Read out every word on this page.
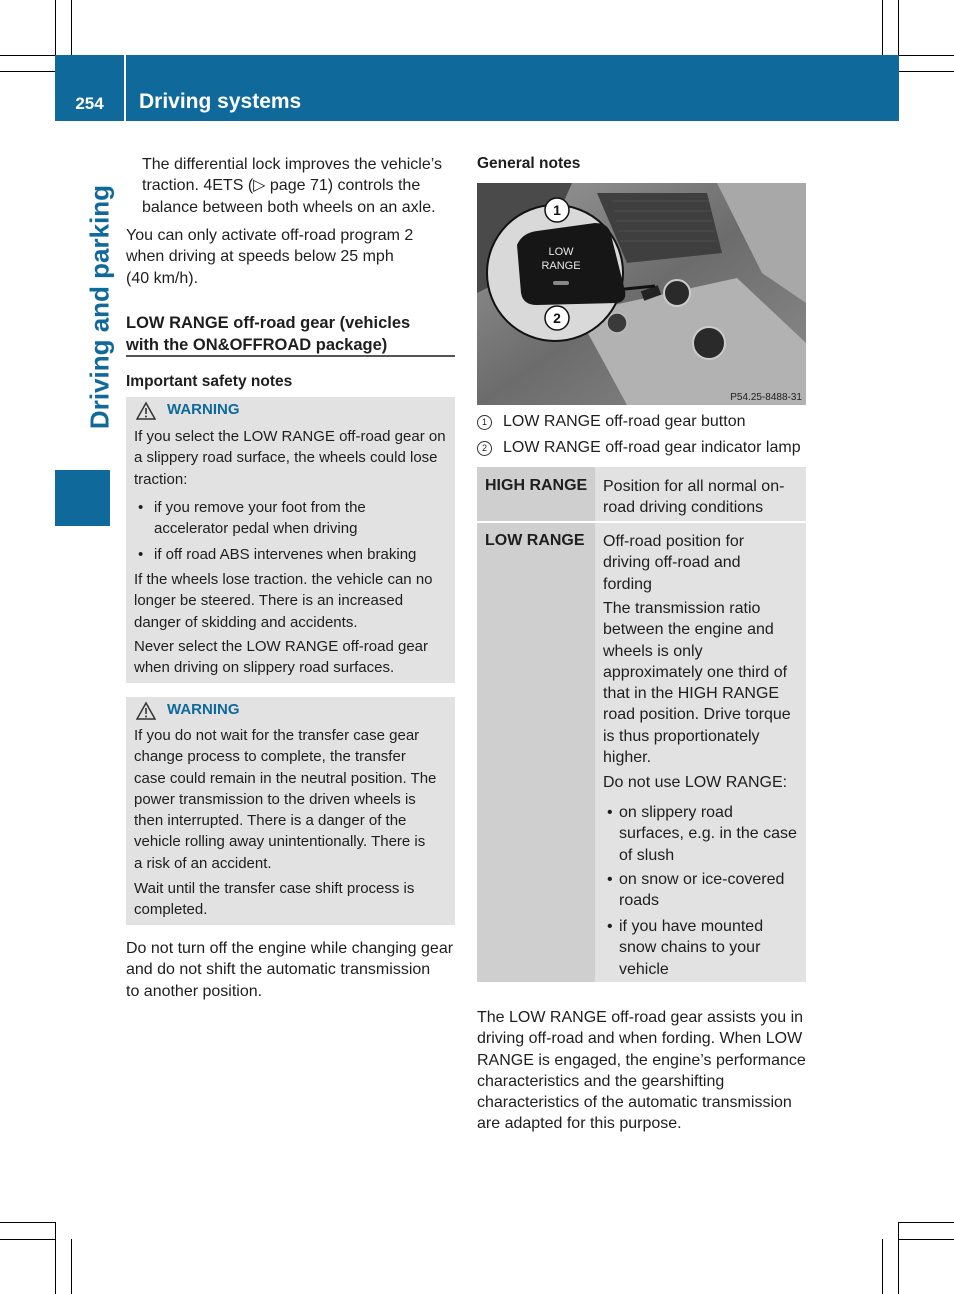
254	Driving systems
Driving and parking
The differential lock improves the vehicle’s
traction. 4ETS (▷ page 71) controls the
balance between both wheels on an axle.
You can only activate off-road program 2
when driving at speeds below 25 mph
(40 km/h).
LOW RANGE off-road gear (vehicles
with the ON&OFFROAD package)
Important safety notes
WARNING
If you select the LOW RANGE off-road gear on
a slippery road surface, the wheels could lose
traction:
• if you remove your foot from the
accelerator pedal when driving
• if off road ABS intervenes when braking
If the wheels lose traction. the vehicle can no
longer be steered. There is an increased
danger of skidding and accidents.
Never select the LOW RANGE off-road gear
when driving on slippery road surfaces.
WARNING
If you do not wait for the transfer case gear
change process to complete, the transfer
case could remain in the neutral position. The
power transmission to the driven wheels is
then interrupted. There is a danger of the
vehicle rolling away unintentionally. There is
a risk of an accident.
Wait until the transfer case shift process is
completed.
Do not turn off the engine while changing gear
and do not shift the automatic transmission
to another position.
General notes
LOW
RANGE
1
2
P54.25-8488-31
1	LOW RANGE off-road gear button
2	LOW RANGE off-road gear indicator lamp
HIGH RANGE Position for all normal on-
road driving conditions
LOW RANGE Off-road position for
driving off-road and
fording
The transmission ratio
between the engine and
wheels is only
approximately one third of
that in the HIGH RANGE
road position. Drive torque
is thus proportionately
higher.
Do not use LOW RANGE:
• on slippery road
surfaces, e.g. in the case
of slush
• on snow or ice-covered
roads
• if you have mounted
snow chains to your
vehicle
The LOW RANGE off-road gear assists you in
driving off-road and when fording. When LOW
RANGE is engaged, the engine’s performance
characteristics and the gearshifting
characteristics of the automatic transmission
are adapted for this purpose.
